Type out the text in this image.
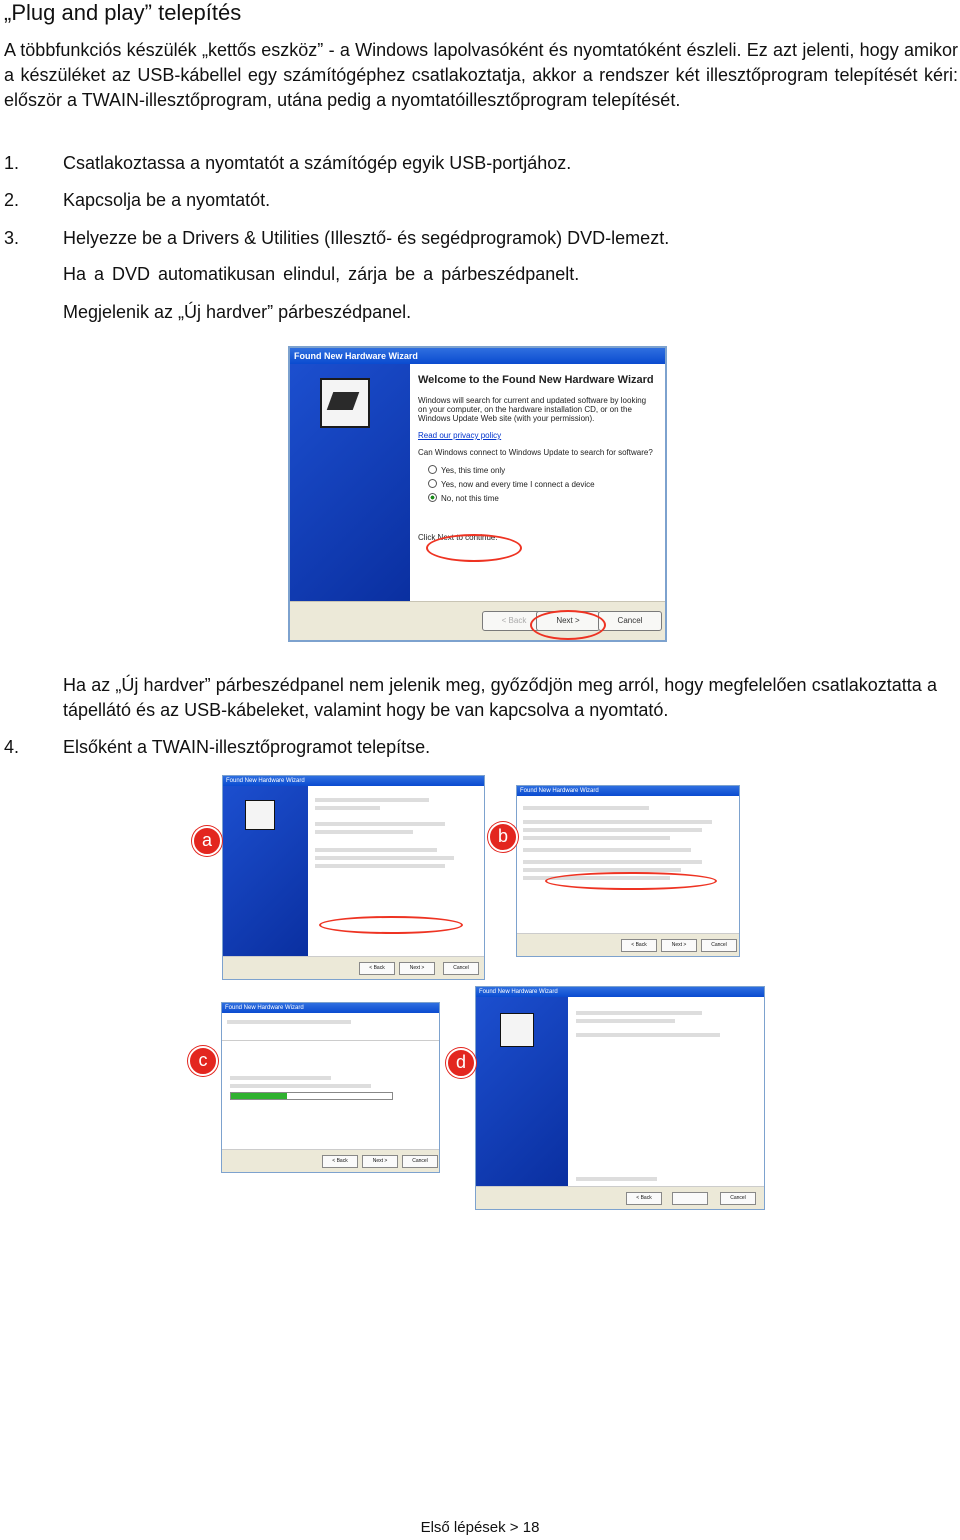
„Plug and play” telepítés
A többfunkciós készülék „kettős eszköz” - a Windows lapolvasóként és nyomtatóként észleli. Ez azt jelenti, hogy amikor a készüléket az USB-kábellel egy számítógéphez csatlakoztatja, akkor a rendszer két illesztőprogram telepítését kéri: először a TWAIN-illesztőprogram, utána pedig a nyomtatóillesztőprogram telepítését.
1. Csatlakoztassa a nyomtatót a számítógép egyik USB-portjához.
2. Kapcsolja be a nyomtatót.
3. Helyezze be a Drivers & Utilities (Illesztő- és segédprogramok) DVD-lemezt.
Ha a DVD automatikusan elindul, zárja be a párbeszédpanelt.
Megjelenik az „Új hardver” párbeszédpanel.
Found New Hardware Wizard
Welcome to the Found New Hardware Wizard

Windows will search for current and updated software by looking on your computer, on the hardware installation CD, or on the Windows Update Web site (with your permission).

Read our privacy policy

Can Windows connect to Windows Update to search for software?

Yes, this time only
Yes, now and every time I connect a device
No, not this time

Click Next to continue.

< Back	Next >	Cancel
Ha az „Új hardver” párbeszédpanel nem jelenik meg, győződjön meg arról, hogy megfelelően csatlakoztatta a tápellátó és az USB-kábeleket, valamint hogy be van kapcsolva a nyomtató.
4. Elsőként a TWAIN-illesztőprogramot telepítse.
Found New Hardware Wizard
< Back	Next >	Cancel
a
Found New Hardware Wizard
< Back	Next >	Cancel
b
Found New Hardware Wizard
< Back	Next >	Cancel
c
Found New Hardware Wizard
< Back	Cancel
d
Első lépések > 18
